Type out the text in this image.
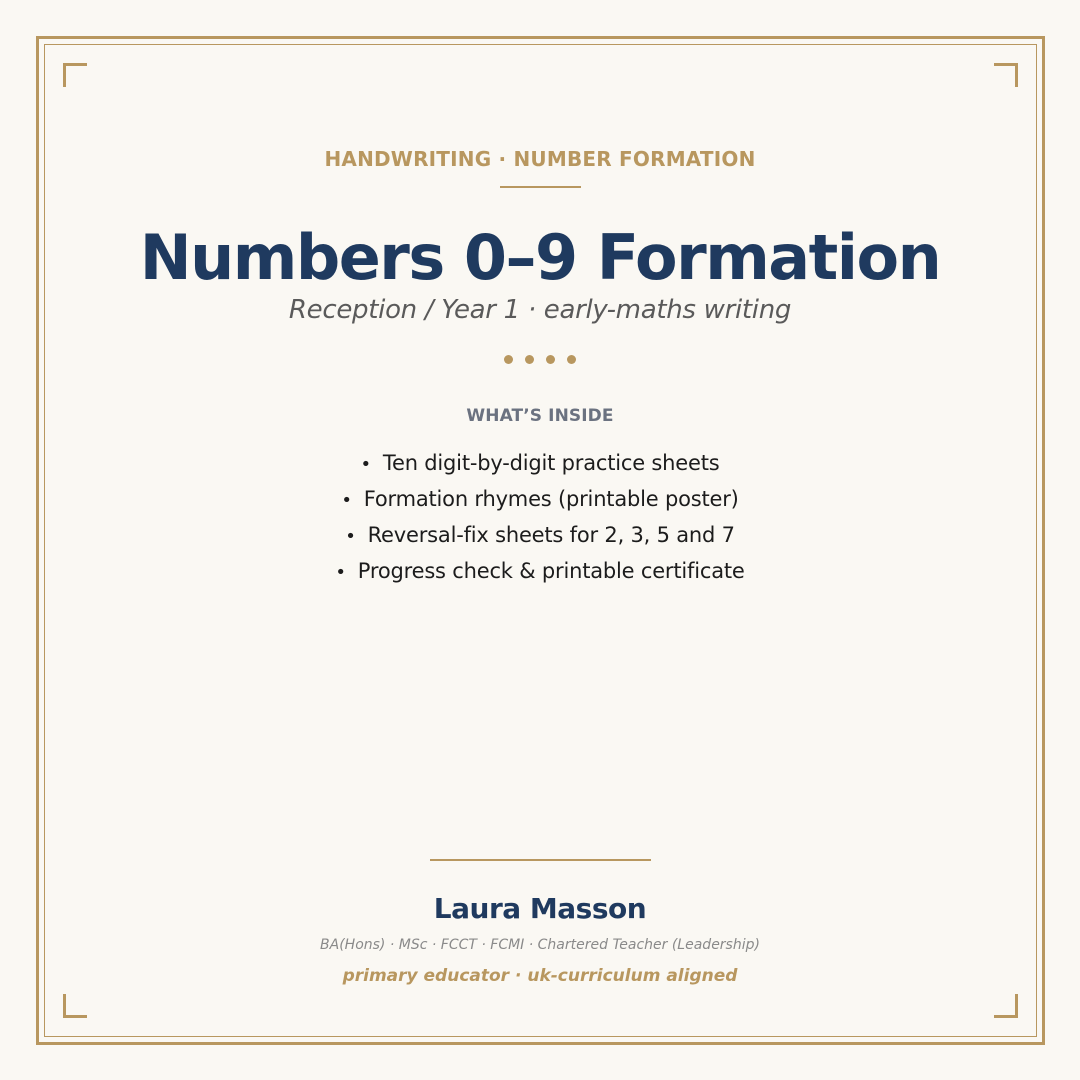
HANDWRITING · NUMBER FORMATION
Numbers 0–9 Formation
Reception / Year 1 · early-maths writing
WHAT’S INSIDE
• Ten digit-by-digit practice sheets
• Formation rhymes (printable poster)
• Reversal-fix sheets for 2, 3, 5 and 7
• Progress check & printable certificate
Laura Masson
BA(Hons) · MSc · FCCT · FCMI · Chartered Teacher (Leadership)
primary educator · uk-curriculum aligned
